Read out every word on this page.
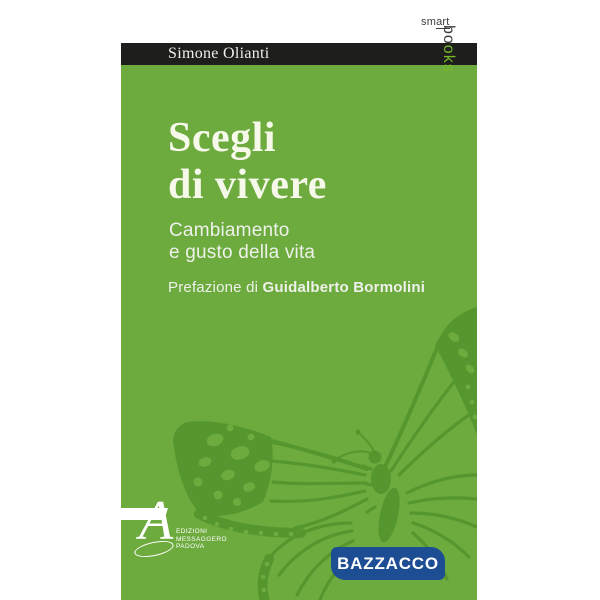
smart
books
Simone Olianti
Scegli
di vivere
Cambiamento
e gusto della vita
Prefazione di Guidalberto Bormolini
A EDIZIONI
MESSAGGERO
PADOVA
BAZZACCO
